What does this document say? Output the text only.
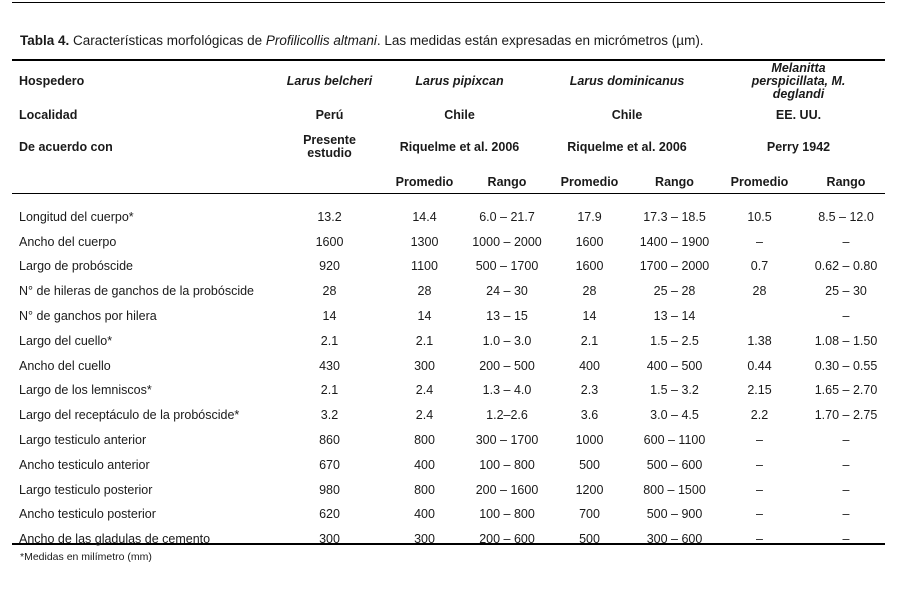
Tabla 4. Características morfológicas de Profilicollis altmani. Las medidas están expresadas en micrómetros (µm).

Hospedero	Larus belcheri	Larus pipixcan		Larus dominicanus		Melanitta perspicillata, M. deglandi	
Localidad	Perú	Chile		Chile		EE. UU.	
De acuerdo con	Presente estudio	Riquelme et al. 2006		Riquelme et al. 2006		Perry 1942	
		Promedio	Rango	Promedio	Rango	Promedio	Rango

Longitud del cuerpo*	13.2	14.4	6.0 – 21.7	17.9	17.3 – 18.5	10.5	8.5 – 12.0
Ancho del cuerpo	1600	1300	1000 – 2000	1600	1400 – 1900	–	–
Largo de probóscide	920	1100	500 – 1700	1600	1700 – 2000	0.7	0.62 – 0.80
N° de hileras de ganchos de la probóscide	28	28	24 – 30	28	25 – 28	28	25 – 30
N° de ganchos por hilera	14	14	13 – 15	14	13 – 14		–
Largo del cuello*	2.1	2.1	1.0 – 3.0	2.1	1.5 – 2.5	1.38	1.08 – 1.50
Ancho del cuello	430	300	200 – 500	400	400 – 500	0.44	0.30 – 0.55
Largo de los lemniscos*	2.1	2.4	1.3 – 4.0	2.3	1.5 – 3.2	2.15	1.65 – 2.70
Largo del receptáculo de la probóscide*	3.2	2.4	1.2–2.6	3.6	3.0 – 4.5	2.2	1.70 – 2.75
Largo testiculo anterior	860	800	300 – 1700	1000	600 – 1100	–	–
Ancho testiculo anterior	670	400	100 – 800	500	500 – 600	–	–
Largo testiculo posterior	980	800	200 – 1600	1200	800 – 1500	–	–
Ancho testiculo posterior	620	400	100 – 800	700	500 – 900	–	–
Ancho de las gladulas de cemento	300	300	200 – 600	500	300 – 600	–	–
*Medidas en milímetro (mm)
